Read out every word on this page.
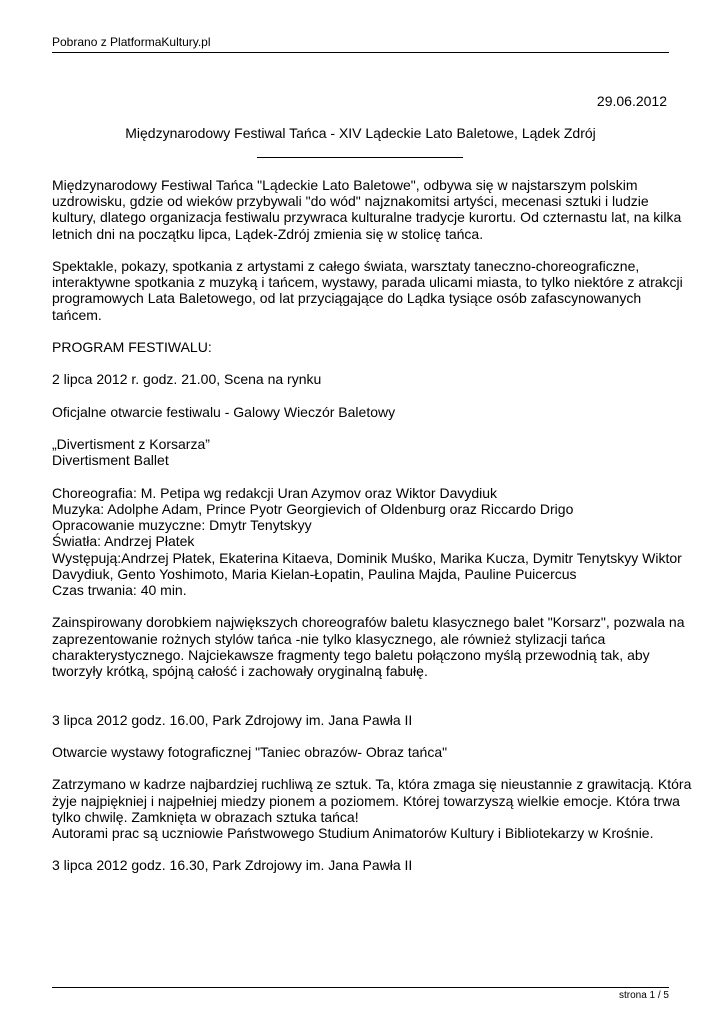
Pobrano z PlatformaKultury.pl
29.06.2012
Międzynarodowy Festiwal Tańca - XIV Lądeckie Lato Baletowe, Lądek Zdrój
Międzynarodowy Festiwal Tańca "Lądeckie Lato Baletowe", odbywa się w najstarszym polskim
uzdrowisku, gdzie od wieków przybywali "do wód" najznakomitsi artyści, mecenasi sztuki i ludzie
kultury, dlatego organizacja festiwalu przywraca kulturalne tradycje kurortu. Od czternastu lat, na kilka
letnich dni na początku lipca, Lądek-Zdrój zmienia się w stolicę tańca.
Spektakle, pokazy, spotkania z artystami z całego świata, warsztaty taneczno-choreograficzne,
interaktywne spotkania z muzyką i tańcem, wystawy, parada ulicami miasta, to tylko niektóre z atrakcji
programowych Lata Baletowego, od lat przyciągające do Lądka tysiące osób zafascynowanych
tańcem.
PROGRAM FESTIWALU:
2 lipca 2012 r. godz. 21.00, Scena na rynku
Oficjalne otwarcie festiwalu - Galowy Wieczór Baletowy
„Divertisment z Korsarza”
Divertisment Ballet
Choreografia: M. Petipa wg redakcji Uran Azymov oraz Wiktor Davydiuk
Muzyka: Adolphe Adam, Prince Pyotr Georgievich of Oldenburg oraz Riccardo Drigo
Opracowanie muzyczne: Dmytr Tenytskyy
Światła: Andrzej Płatek
Występują:Andrzej Płatek, Ekaterina Kitaeva, Dominik Muśko, Marika Kucza, Dymitr Tenytskyy Wiktor
Davydiuk, Gento Yoshimoto, Maria Kielan-Łopatin, Paulina Majda, Pauline Puicercus
Czas trwania: 40 min.
Zainspirowany dorobkiem największych choreografów baletu klasycznego balet "Korsarz", pozwala na
zaprezentowanie rożnych stylów tańca -nie tylko klasycznego, ale również stylizacji tańca
charakterystycznego. Najciekawsze fragmenty tego baletu połączono myślą przewodnią tak, aby
tworzyły krótką, spójną całość i zachowały oryginalną fabułę.
3 lipca 2012 godz. 16.00, Park Zdrojowy im. Jana Pawła II
Otwarcie wystawy fotograficznej "Taniec obrazów- Obraz tańca"
Zatrzymano w kadrze najbardziej ruchliwą ze sztuk. Ta, która zmaga się nieustannie z grawitacją. Która
żyje najpiękniej i najpełniej miedzy pionem a poziomem. Której towarzyszą wielkie emocje. Która trwa
tylko chwilę. Zamknięta w obrazach sztuka tańca!
Autorami prac są uczniowie Państwowego Studium Animatorów Kultury i Bibliotekarzy w Krośnie.
3 lipca 2012 godz. 16.30, Park Zdrojowy im. Jana Pawła II
strona 1 / 5
